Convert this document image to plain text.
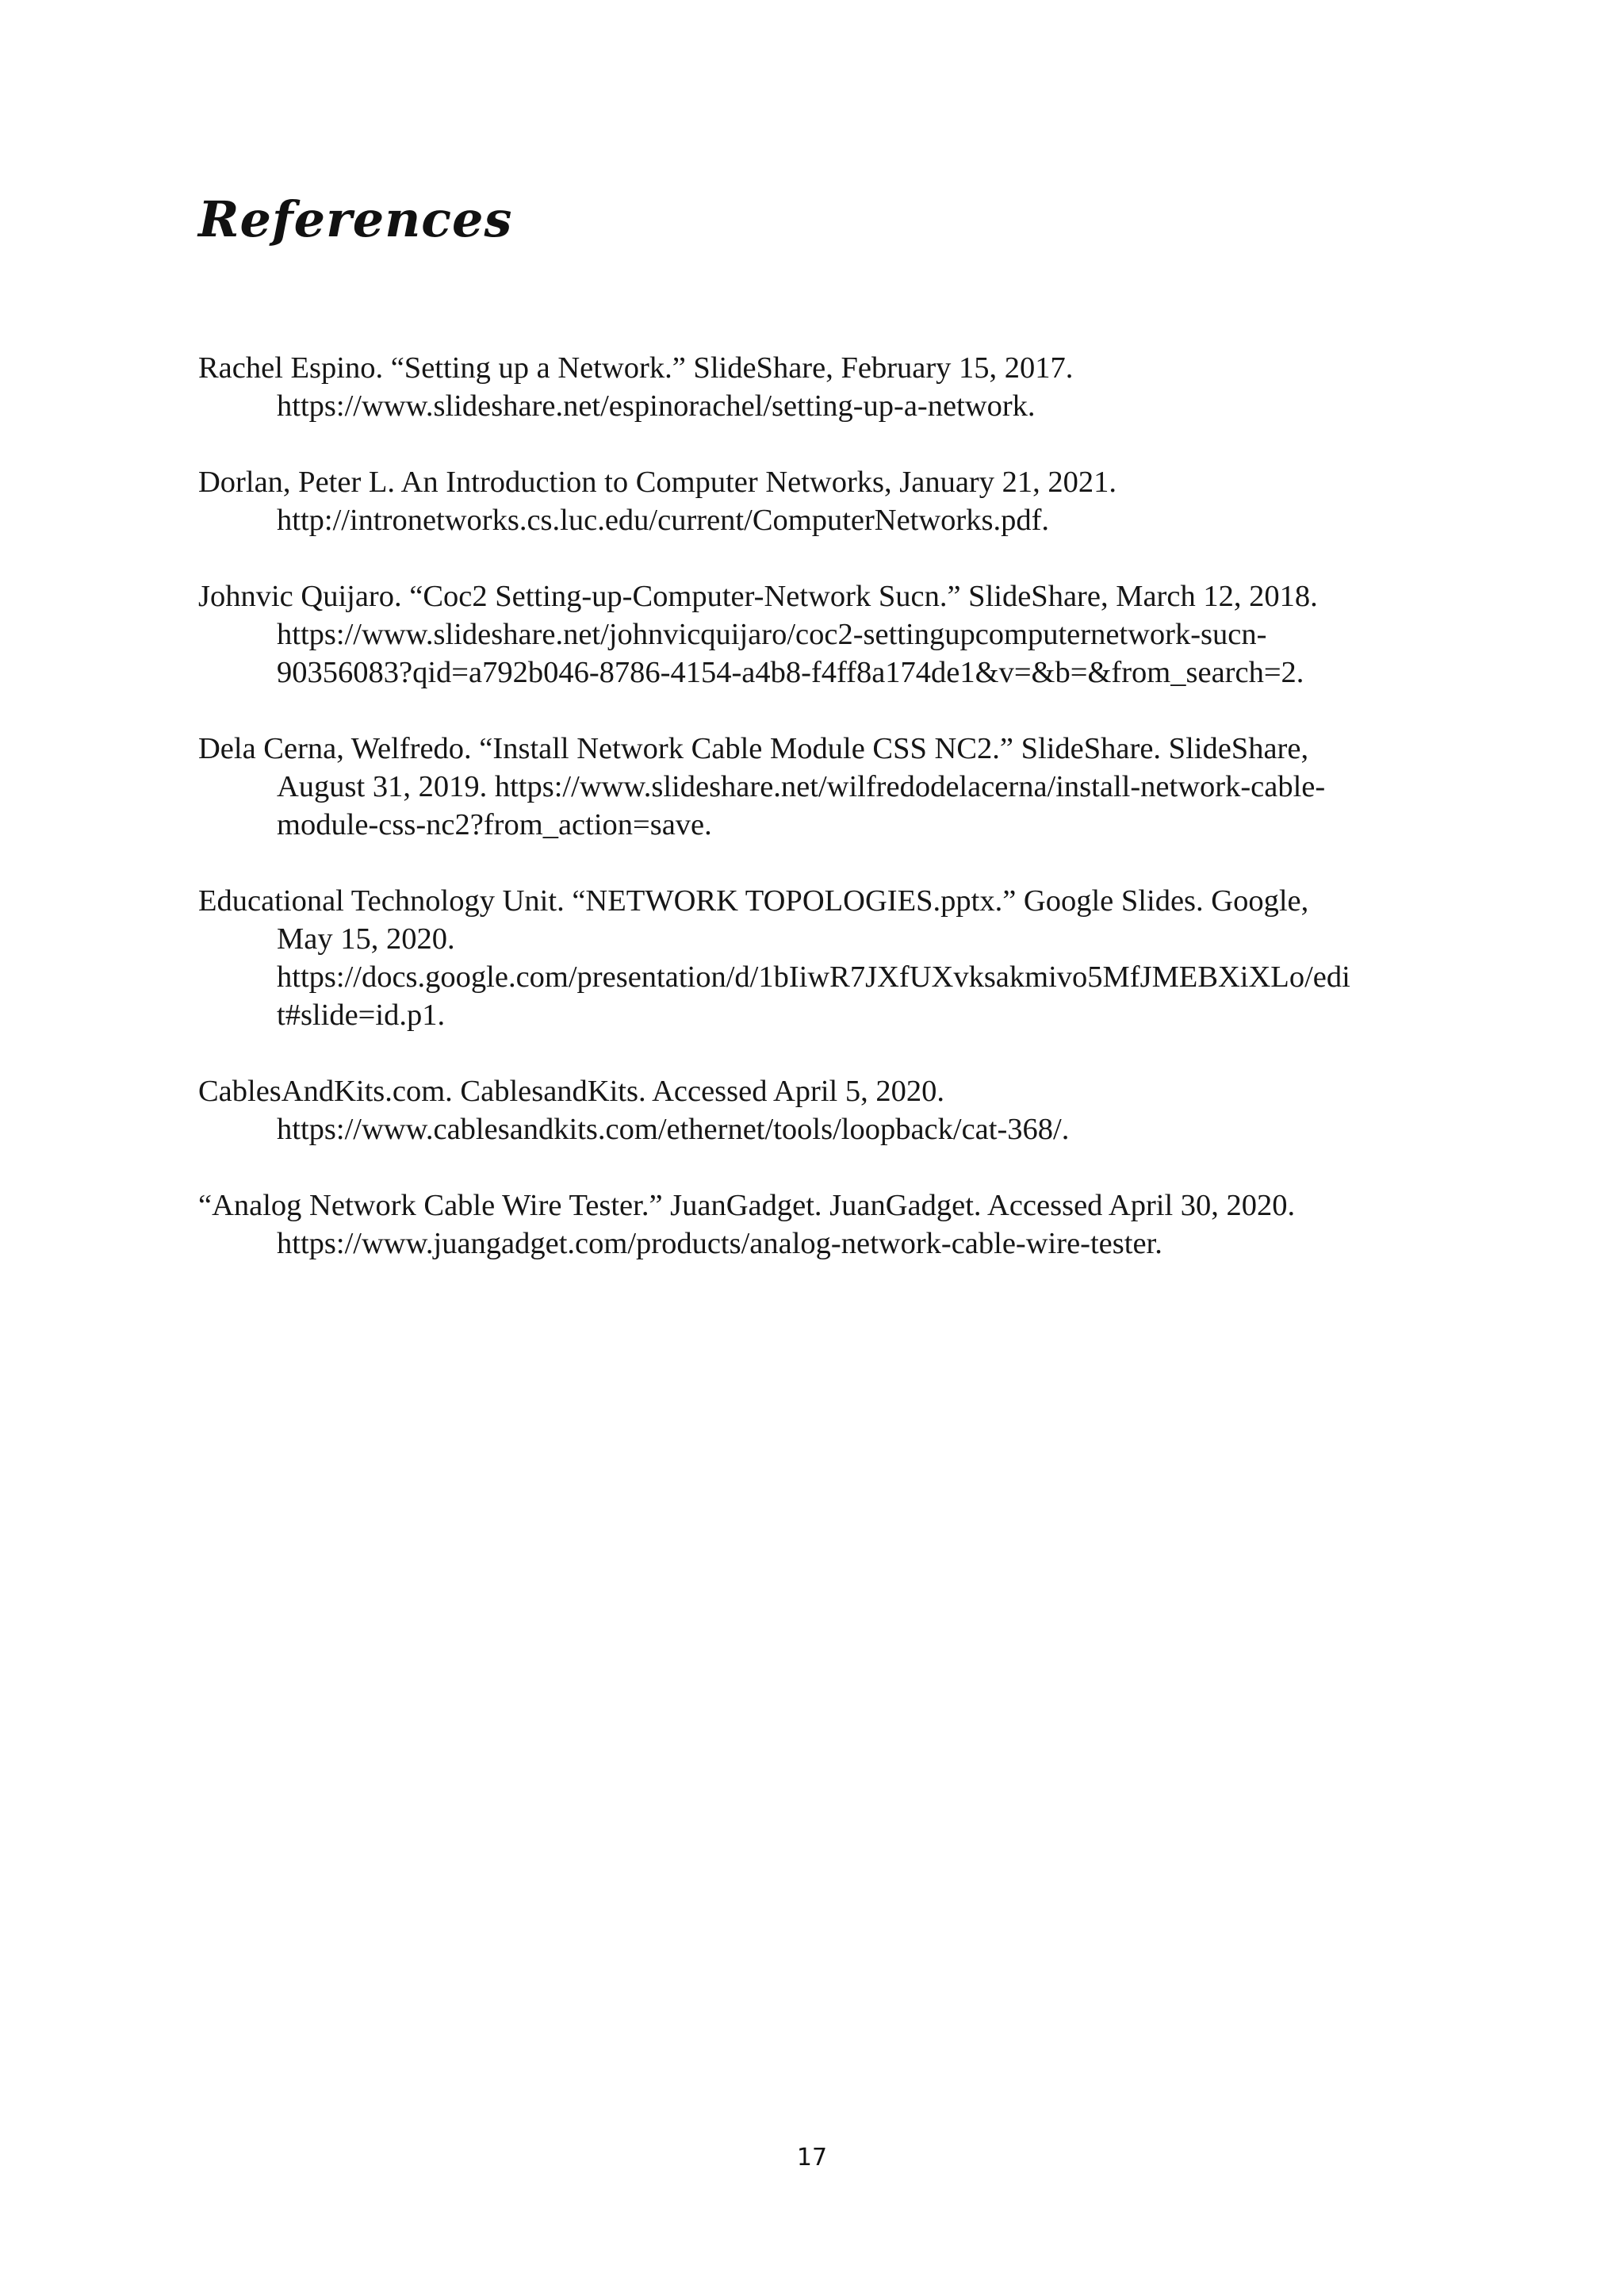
References
Rachel Espino. “Setting up a Network.” SlideShare, February 15, 2017.
https://www.slideshare.net/espinorachel/setting-up-a-network.
Dorlan, Peter L. An Introduction to Computer Networks, January 21, 2021.
http://intronetworks.cs.luc.edu/current/ComputerNetworks.pdf.
Johnvic Quijaro. “Coc2 Setting-up-Computer-Network Sucn.” SlideShare, March 12, 2018.
https://www.slideshare.net/johnvicquijaro/coc2-settingupcomputernetwork-sucn-
90356083?qid=a792b046-8786-4154-a4b8-f4ff8a174de1&v=&b=&from_search=2.
Dela Cerna, Welfredo. “Install Network Cable Module CSS NC2.” SlideShare. SlideShare,
August 31, 2019. https://www.slideshare.net/wilfredodelacerna/install-network-cable-
module-css-nc2?from_action=save.
Educational Technology Unit. “NETWORK TOPOLOGIES.pptx.” Google Slides. Google,
May 15, 2020.
https://docs.google.com/presentation/d/1bIiwR7JXfUXvksakmivo5MfJMEBXiXLo/edi
t#slide=id.p1.
CablesAndKits.com. CablesandKits. Accessed April 5, 2020.
https://www.cablesandkits.com/ethernet/tools/loopback/cat-368/.
“Analog Network Cable Wire Tester.” JuanGadget. JuanGadget. Accessed April 30, 2020.
https://www.juangadget.com/products/analog-network-cable-wire-tester.
17
